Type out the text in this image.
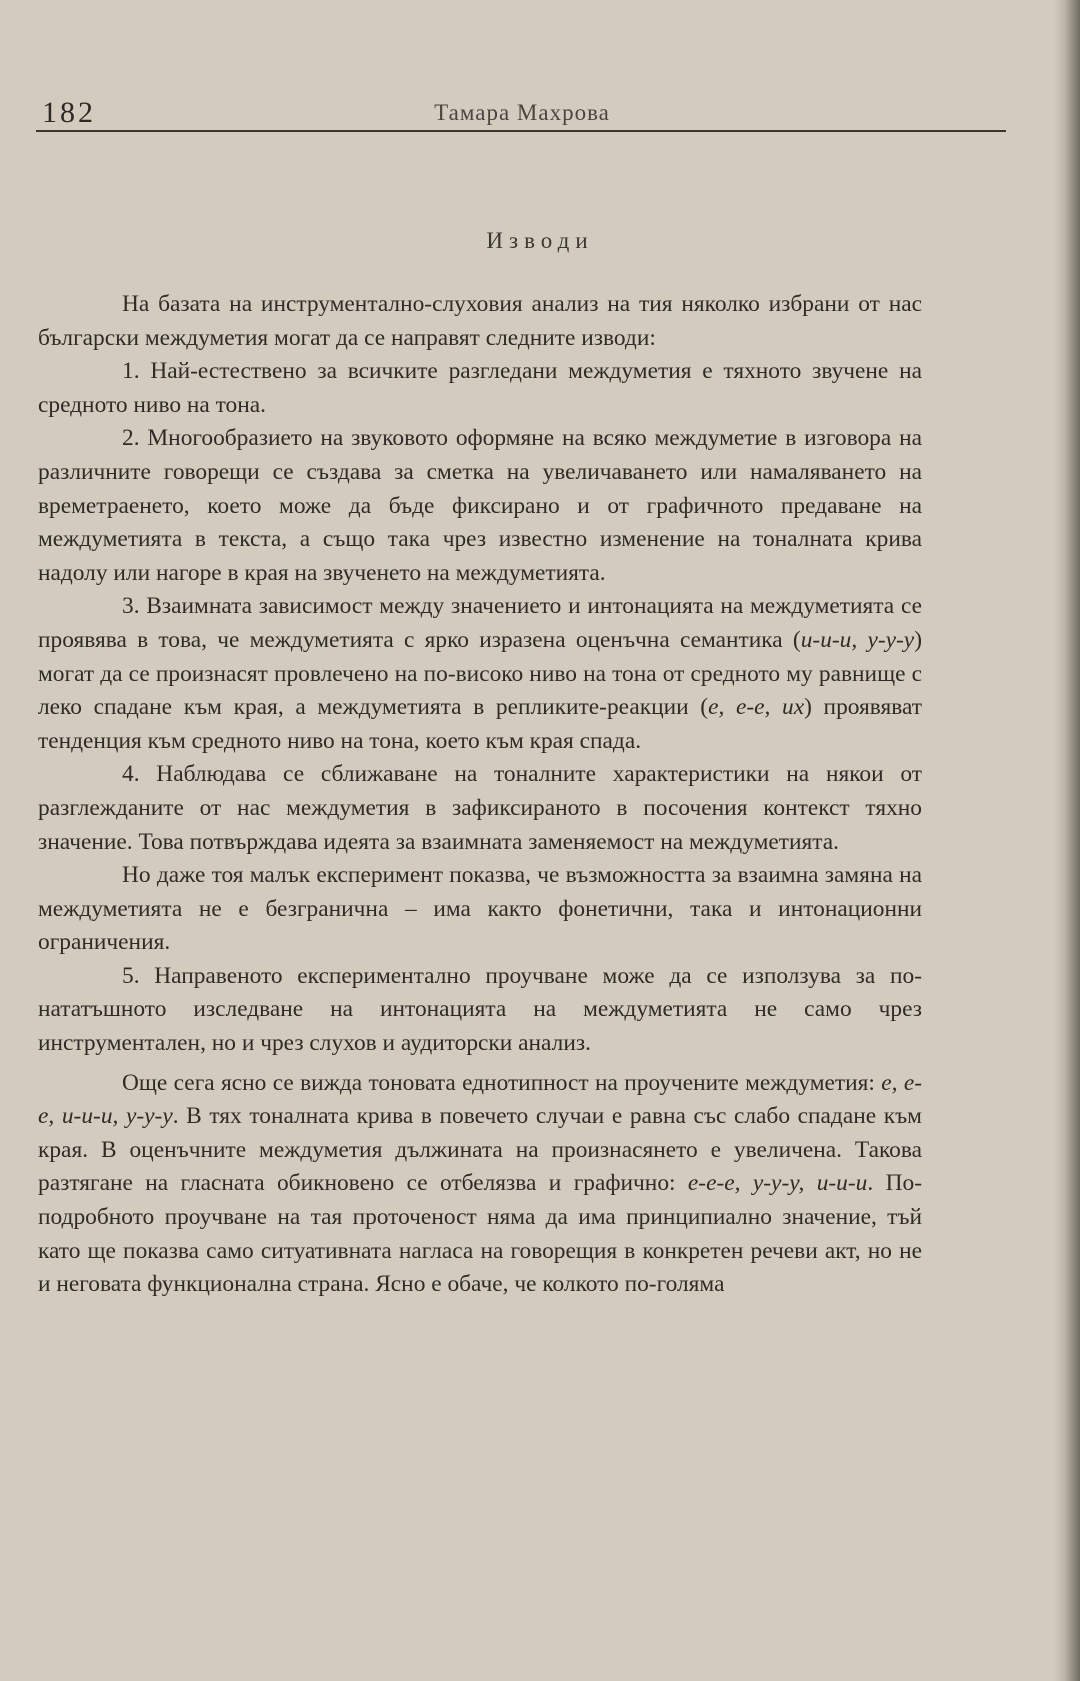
182	Тамара Махрова
Изводи

На базата на инструментално-слуховия анализ на тия няколко избрани от нас български междуметия могат да се направят следните изводи:

1. Най-естествено за всичките разгледани междуметия е тяхното звучене на средното ниво на тона.

2. Многообразието на звуковото оформяне на всяко междуметие в изговора на различните говорещи се създава за сметка на увеличаването или намаляването на времетраенето, което може да бъде фиксирано и от графичното предаване на междуметията в текста, а също така чрез известно изменение на тоналната крива надолу или нагоре в края на звученето на междуметията.

3. Взаимната зависимост между значението и интонацията на междуметията се проявява в това, че междуметията с ярко изразена оценъчна семантика (и-и-и, у-у-у) могат да се произнасят провлечено на по-високо ниво на тона от средното му равнище с леко спадане към края, а междуметията в репликите-реакции (е, е-е, их) проявяват тенденция към средното ниво на тона, което към края спада.

4. Наблюдава се сближаване на тоналните характеристики на някои от разглежданите от нас междуметия в зафиксираното в посочения контекст тяхно значение. Това потвърждава идеята за взаимната заменяемост на междуметията.

Но даже тоя малък експеримент показва, че възможността за взаимна замяна на междуметията не е безгранична – има както фонетични, така и интонационни ограничения.

5. Направеното експериментално проучване може да се използува за по-нататъшното изследване на интонацията на междуметията не само чрез инструментален, но и чрез слухов и аудиторски анализ.

Още сега ясно се вижда тоновата еднотипност на проучените междуметия: е, е-е, и-и-и, у-у-у. В тях тоналната крива в повечето случаи е равна със слабо спадане към края. В оценъчните междуметия дължината на произнасянето е увеличена. Такова разтягане на гласната обикновено се отбелязва и графично: е-е-е, у-у-у, и-и-и. По-подробното проучване на тая проточеност няма да има принципиално значение, тъй като ще показва само ситуативната нагласа на говорещия в конкретен речеви акт, но не и неговата функционална страна. Ясно е обаче, че колкото по-голяма
